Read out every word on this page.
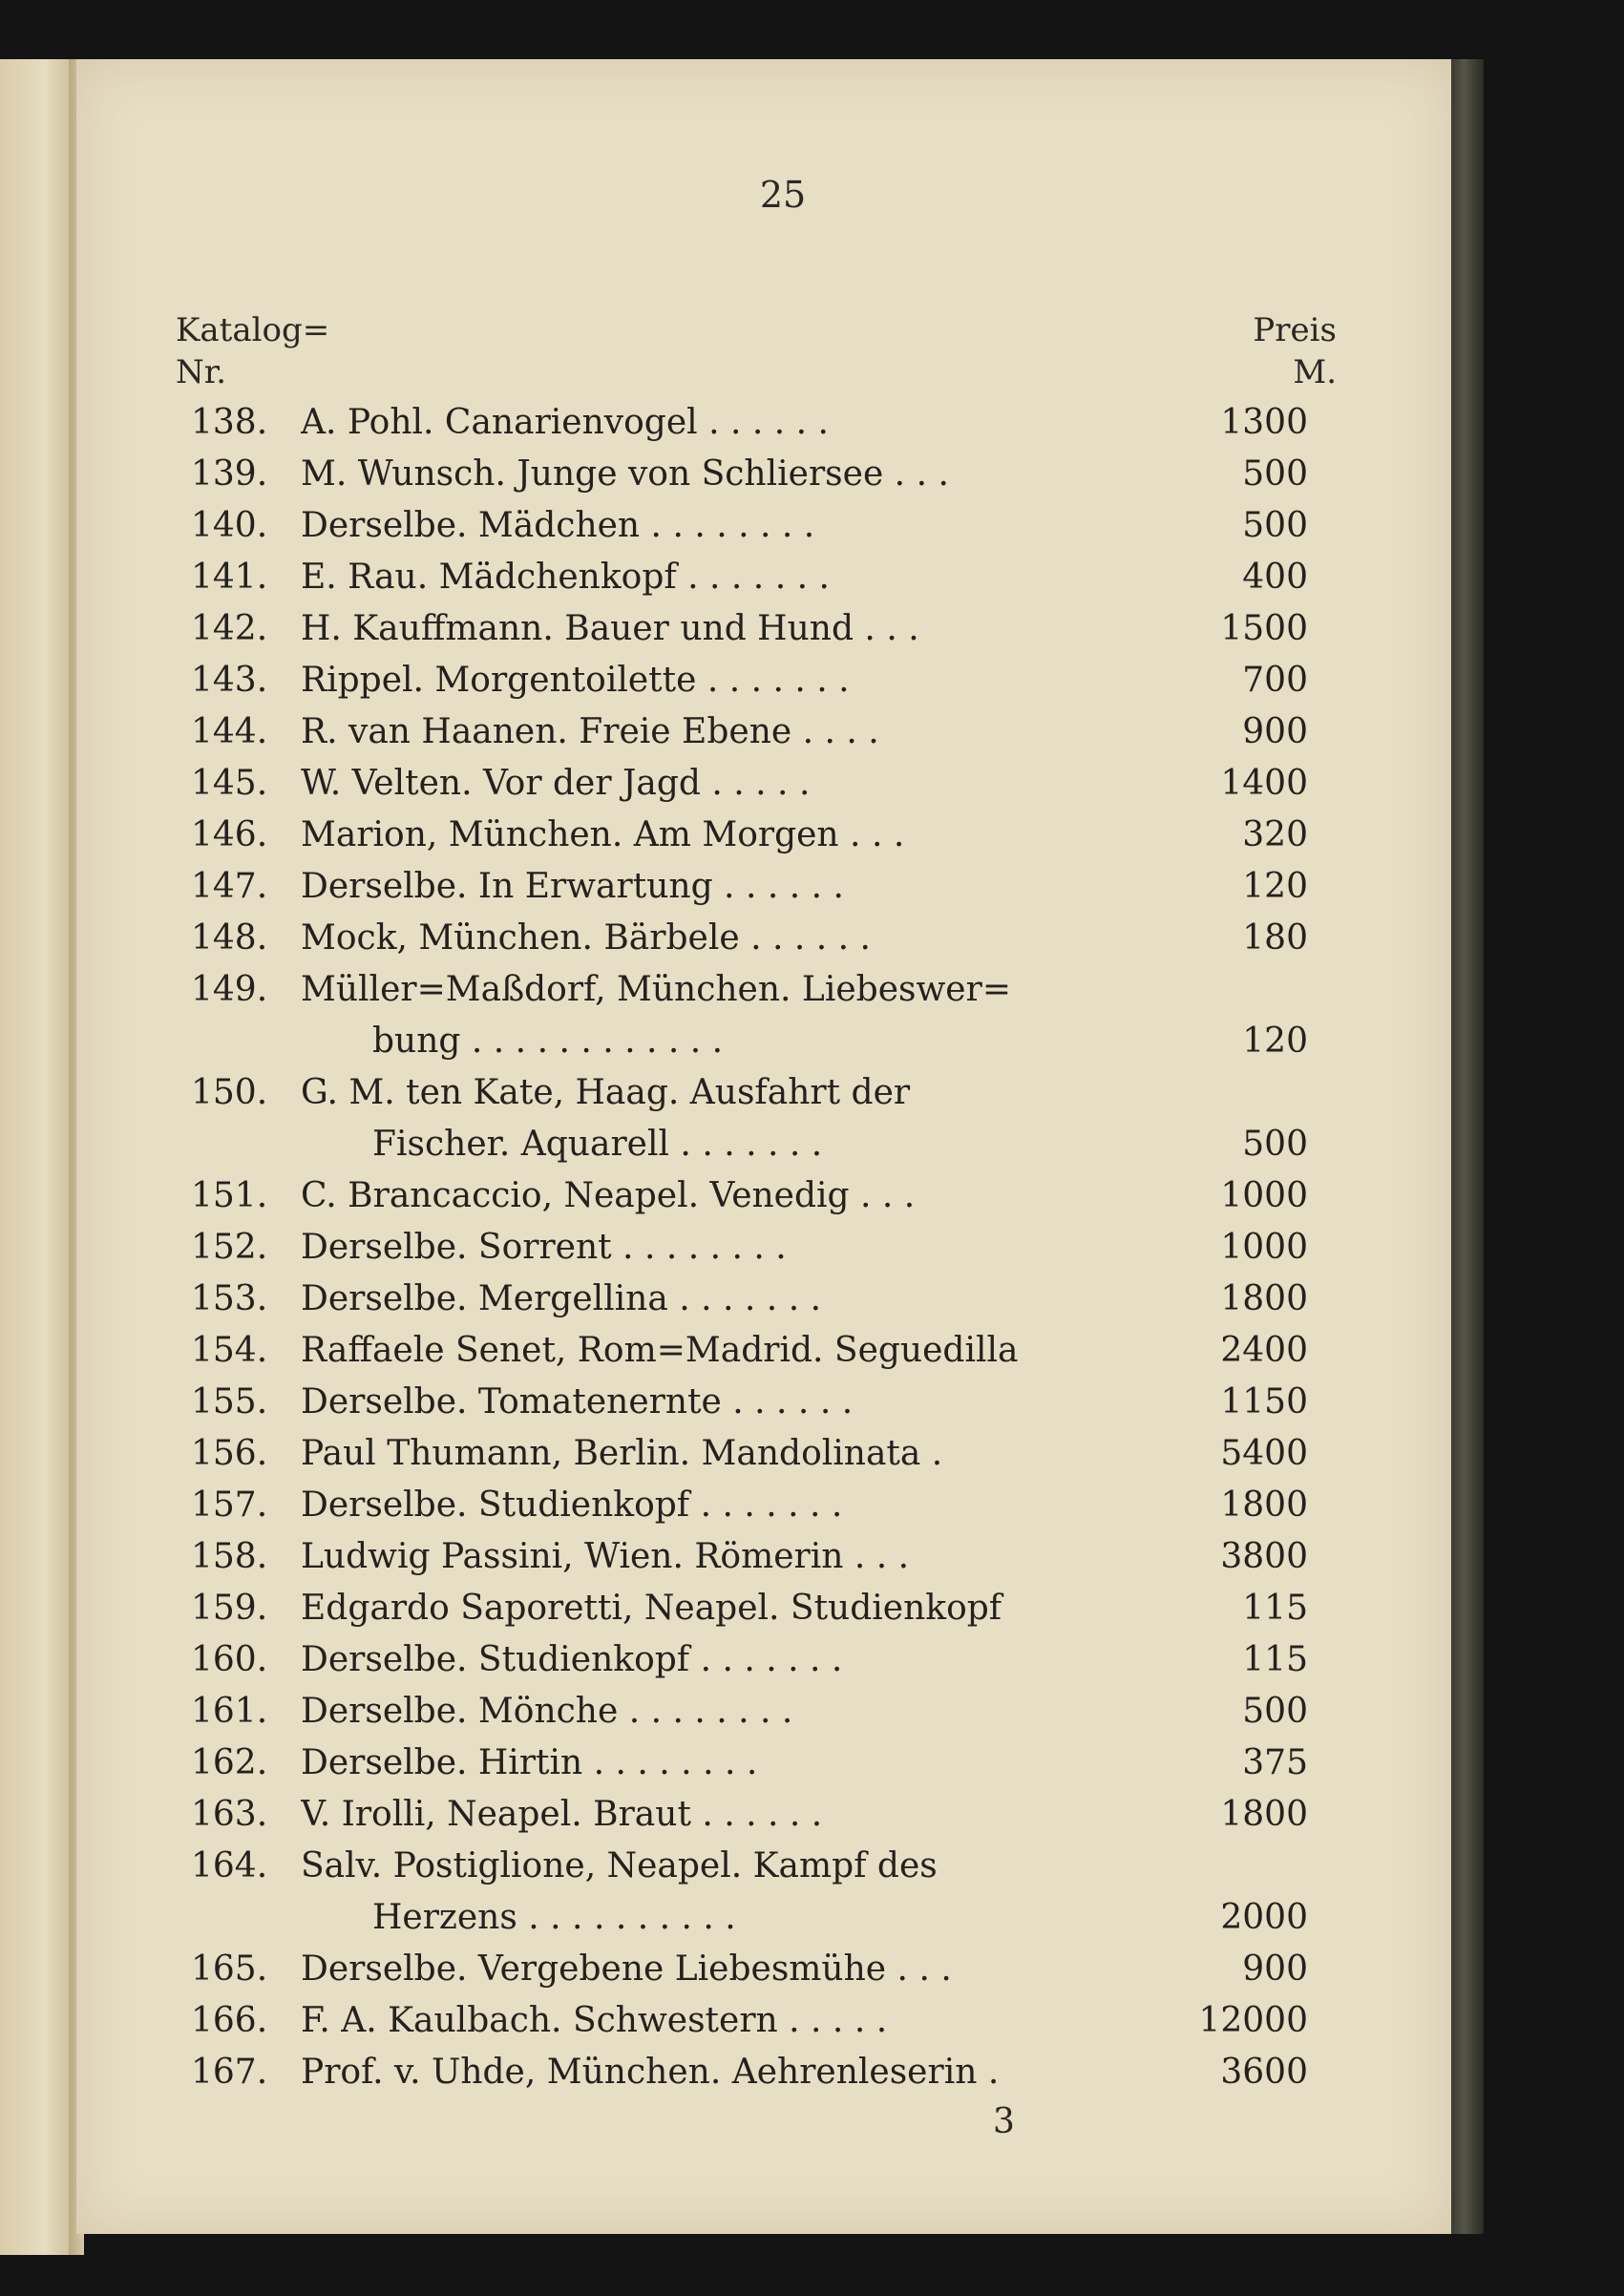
25
Katalog=
Nr.
Preis
M.
138. A. Pohl. Canarienvogel . . . . . .	1300
139. M. Wunsch. Junge von Schliersee . . .	500
140. Derselbe. Mädchen . . . . . . . .	500
141. E. Rau. Mädchenkopf . . . . . . .	400
142. H. Kauffmann. Bauer und Hund . . .	1500
143. Rippel. Morgentoilette . . . . . . .	700
144. R. van Haanen. Freie Ebene . . . .	900
145. W. Velten. Vor der Jagd . . . . .	1400
146. Marion, München. Am Morgen . . .	320
147. Derselbe. In Erwartung . . . . . .	120
148. Mock, München. Bärbele . . . . . .	180
149. Müller=Maßdorf, München. Liebeswer=
bung . . . . . . . . . . . .	120
150. G. M. ten Kate, Haag. Ausfahrt der
Fischer. Aquarell . . . . . . .	500
151. C. Brancaccio, Neapel. Venedig . . .	1000
152. Derselbe. Sorrent . . . . . . . .	1000
153. Derselbe. Mergellina . . . . . . .	1800
154. Raffaele Senet, Rom=Madrid. Seguedilla	2400
155. Derselbe. Tomatenernte . . . . . .	1150
156. Paul Thumann, Berlin. Mandolinata .	5400
157. Derselbe. Studienkopf . . . . . . .	1800
158. Ludwig Passini, Wien. Römerin . . .	3800
159. Edgardo Saporetti, Neapel. Studienkopf	115
160. Derselbe. Studienkopf . . . . . . .	115
161. Derselbe. Mönche . . . . . . . .	500
162. Derselbe. Hirtin . . . . . . . .	375
163. V. Irolli, Neapel. Braut . . . . . .	1800
164. Salv. Postiglione, Neapel. Kampf des
Herzens . . . . . . . . . .	2000
165. Derselbe. Vergebene Liebesmühe . . .	900
166. F. A. Kaulbach. Schwestern . . . . .	12000
167. Prof. v. Uhde, München. Aehrenleserin .	3600
3
